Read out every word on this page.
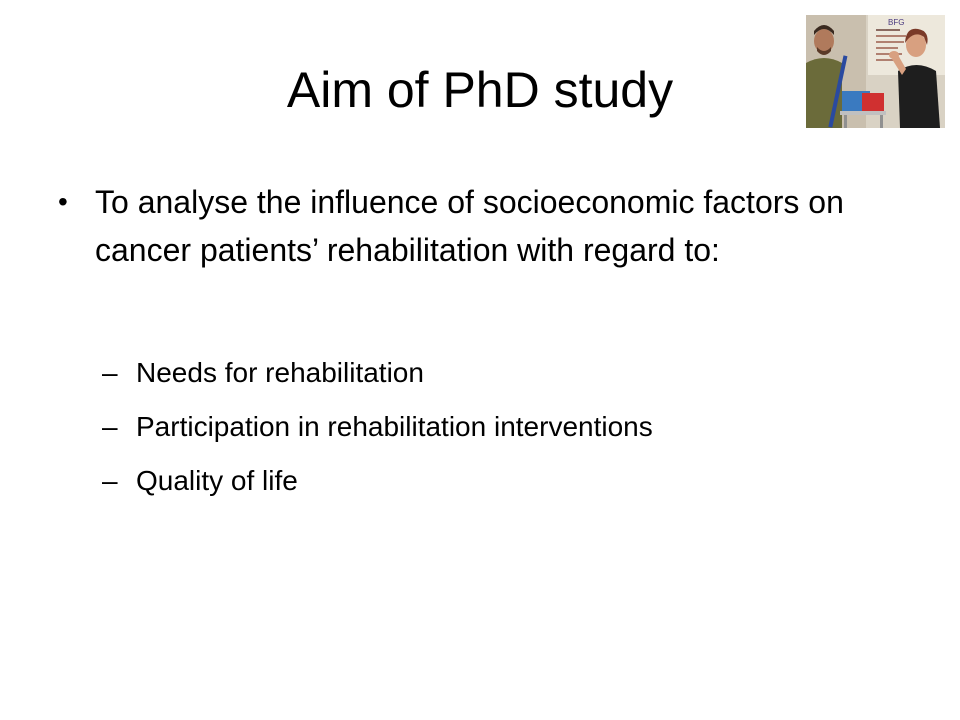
Aim of PhD study
BFG
• To analyse the influence of socioeconomic factors on cancer patients’ rehabilitation with regard to:
– Needs for rehabilitation
– Participation in rehabilitation interventions
– Quality of life
